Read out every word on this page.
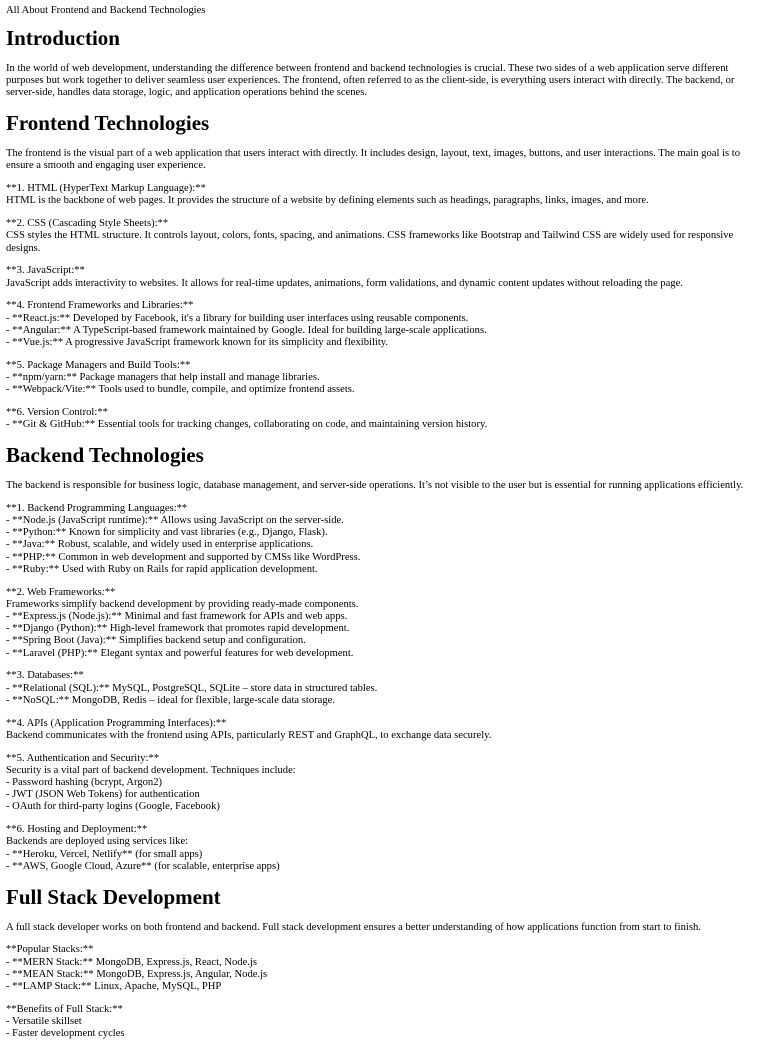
All About Frontend and Backend Technologies
Introduction

In the world of web development, understanding the difference between frontend and backend technologies is crucial. These two sides of a web application serve different purposes but work together to deliver seamless user experiences. The frontend, often referred to as the client-side, is everything users interact with directly. The backend, or server-side, handles data storage, logic, and application operations behind the scenes.

Frontend Technologies

The frontend is the visual part of a web application that users interact with directly. It includes design, layout, text, images, buttons, and user interactions. The main goal is to ensure a smooth and engaging user experience.

**1. HTML (HyperText Markup Language):**
HTML is the backbone of web pages. It provides the structure of a website by defining elements such as headings, paragraphs, links, images, and more.

**2. CSS (Cascading Style Sheets):**
CSS styles the HTML structure. It controls layout, colors, fonts, spacing, and animations. CSS frameworks like Bootstrap and Tailwind CSS are widely used for responsive designs.

**3. JavaScript:**
JavaScript adds interactivity to websites. It allows for real-time updates, animations, form validations, and dynamic content updates without reloading the page.

**4. Frontend Frameworks and Libraries:**
- **React.js:** Developed by Facebook, it's a library for building user interfaces using reusable components.
- **Angular:** A TypeScript-based framework maintained by Google. Ideal for building large-scale applications.
- **Vue.js:** A progressive JavaScript framework known for its simplicity and flexibility.

**5. Package Managers and Build Tools:**
- **npm/yarn:** Package managers that help install and manage libraries.
- **Webpack/Vite:** Tools used to bundle, compile, and optimize frontend assets.

**6. Version Control:**
- **Git & GitHub:** Essential tools for tracking changes, collaborating on code, and maintaining version history.

Backend Technologies

The backend is responsible for business logic, database management, and server-side operations. It’s not visible to the user but is essential for running applications efficiently.

**1. Backend Programming Languages:**
- **Node.js (JavaScript runtime):** Allows using JavaScript on the server-side.
- **Python:** Known for simplicity and vast libraries (e.g., Django, Flask).
- **Java:** Robust, scalable, and widely used in enterprise applications.
- **PHP:** Common in web development and supported by CMSs like WordPress.
- **Ruby:** Used with Ruby on Rails for rapid application development.

**2. Web Frameworks:**
Frameworks simplify backend development by providing ready-made components.
- **Express.js (Node.js):** Minimal and fast framework for APIs and web apps.
- **Django (Python):** High-level framework that promotes rapid development.
- **Spring Boot (Java):** Simplifies backend setup and configuration.
- **Laravel (PHP):** Elegant syntax and powerful features for web development.

**3. Databases:**
- **Relational (SQL):** MySQL, PostgreSQL, SQLite – store data in structured tables.
- **NoSQL:** MongoDB, Redis – ideal for flexible, large-scale data storage.

**4. APIs (Application Programming Interfaces):**
Backend communicates with the frontend using APIs, particularly REST and GraphQL, to exchange data securely.

**5. Authentication and Security:**
Security is a vital part of backend development. Techniques include:
- Password hashing (bcrypt, Argon2)
- JWT (JSON Web Tokens) for authentication
- OAuth for third-party logins (Google, Facebook)

**6. Hosting and Deployment:**
Backends are deployed using services like:
- **Heroku, Vercel, Netlify** (for small apps)
- **AWS, Google Cloud, Azure** (for scalable, enterprise apps)

Full Stack Development

A full stack developer works on both frontend and backend. Full stack development ensures a better understanding of how applications function from start to finish.

**Popular Stacks:**
- **MERN Stack:** MongoDB, Express.js, React, Node.js
- **MEAN Stack:** MongoDB, Express.js, Angular, Node.js
- **LAMP Stack:** Linux, Apache, MySQL, PHP

**Benefits of Full Stack:**
- Versatile skillset
- Faster development cycles
